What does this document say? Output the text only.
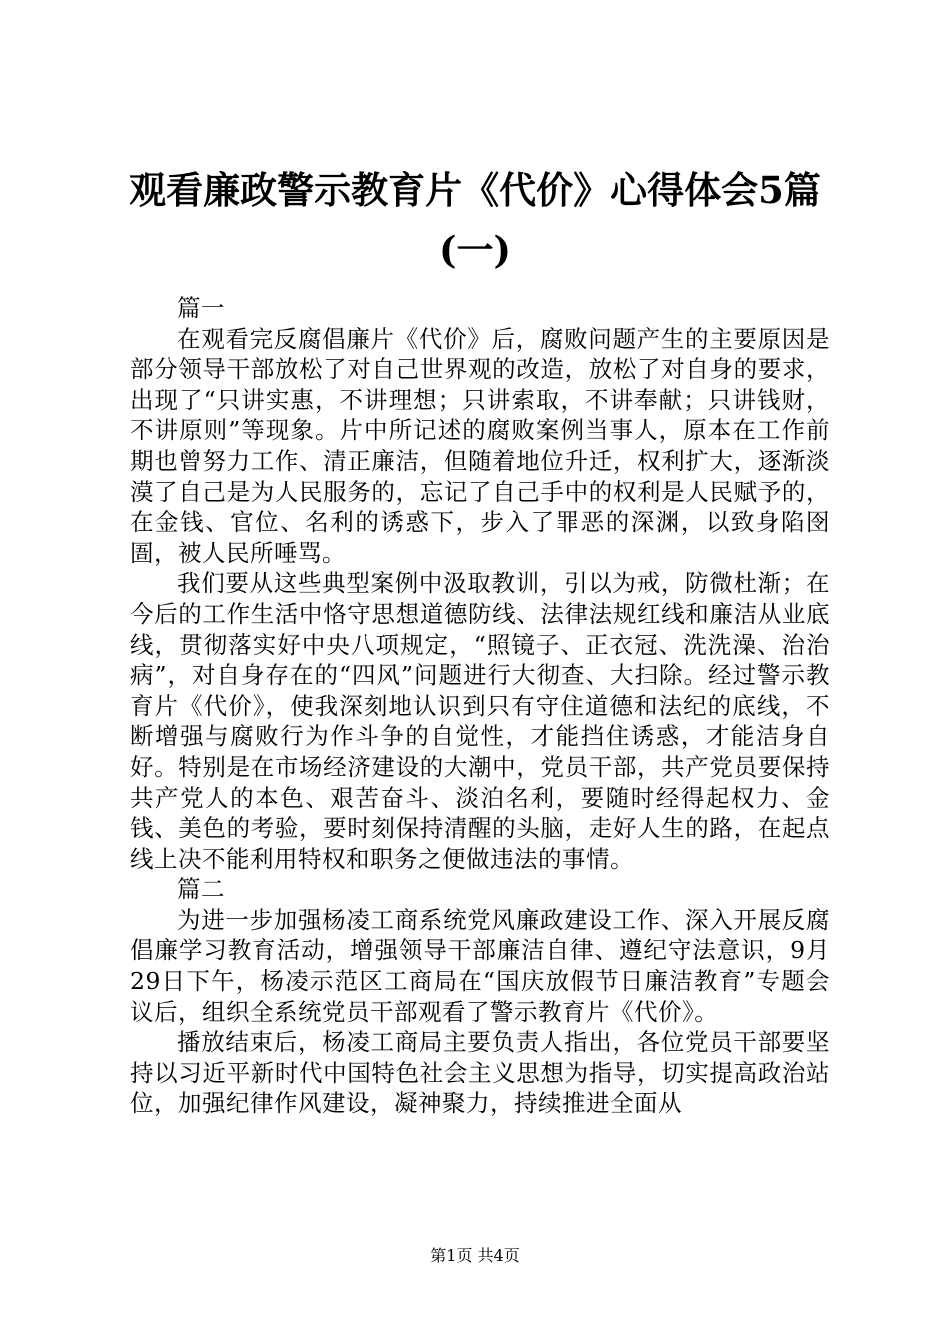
观看廉政警示教育片《代价》心得体会5篇
(一)

篇一

在观看完反腐倡廉片《代价》后，腐败问题产生的主要原因是部分领导干部放松了对自己世界观的改造，放松了对自身的要求，出现了“只讲实惠，不讲理想；只讲索取，不讲奉献；只讲钱财，不讲原则”等现象。片中所记述的腐败案例当事人，原本在工作前期也曾努力工作、清正廉洁，但随着地位升迁，权利扩大，逐渐淡漠了自己是为人民服务的，忘记了自己手中的权利是人民赋予的，在金钱、官位、名利的诱惑下，步入了罪恶的深渊，以致身陷囹圄，被人民所唾骂。

我们要从这些典型案例中汲取教训，引以为戒，防微杜渐；在今后的工作生活中恪守思想道德防线、法律法规红线和廉洁从业底线，贯彻落实好中央八项规定，“照镜子、正衣冠、洗洗澡、治治病”，对自身存在的“四风”问题进行大彻查、大扫除。经过警示教育片《代价》，使我深刻地认识到只有守住道德和法纪的底线，不断增强与腐败行为作斗争的自觉性，才能挡住诱惑，才能洁身自好。特别是在市场经济建设的大潮中，党员干部，共产党员要保持共产党人的本色、艰苦奋斗、淡泊名利，要随时经得起权力、金钱、美色的考验，要时刻保持清醒的头脑，走好人生的路，在起点线上决不能利用特权和职务之便做违法的事情。

篇二

为进一步加强杨凌工商系统党风廉政建设工作、深入开展反腐倡廉学习教育活动，增强领导干部廉洁自律、遵纪守法意识，9月29日下午，杨凌示范区工商局在“国庆放假节日廉洁教育”专题会议后，组织全系统党员干部观看了警示教育片《代价》。

播放结束后，杨凌工商局主要负责人指出，各位党员干部要坚持以习近平新时代中国特色社会主义思想为指导，切实提高政治站位，加强纪律作风建设，凝神聚力，持续推进全面从

第1页 共4页
